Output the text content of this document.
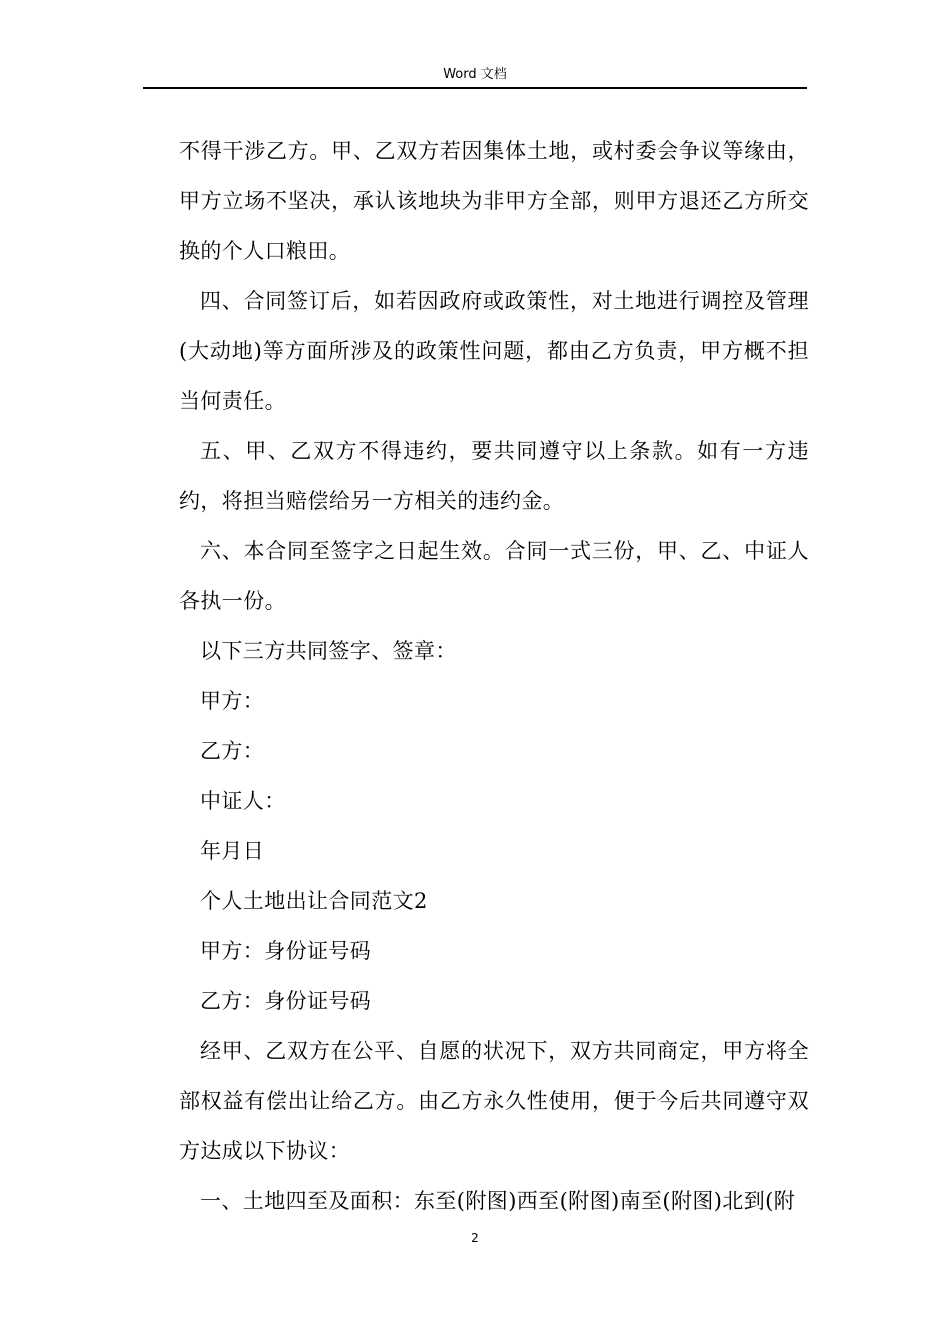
Word 文档

不得干涉乙方。甲、乙双方若因集体土地，或村委会争议等缘由，甲方立场不坚决，承认该地块为非甲方全部，则甲方退还乙方所交换的个人口粮田。

四、合同签订后，如若因政府或政策性，对土地进行调控及管理(大动地)等方面所涉及的政策性问题，都由乙方负责，甲方概不担当何责任。

五、甲、乙双方不得违约，要共同遵守以上条款。如有一方违约，将担当赔偿给另一方相关的违约金。

六、本合同至签字之日起生效。合同一式三份，甲、乙、中证人各执一份。

以下三方共同签字、签章：

甲方：

乙方：

中证人：

年月日

个人土地出让合同范文2

甲方：身份证号码

乙方：身份证号码

经甲、乙双方在公平、自愿的状况下，双方共同商定，甲方将全部权益有偿出让给乙方。由乙方永久性使用，便于今后共同遵守双方达成以下协议：

一、土地四至及面积：东至(附图)西至(附图)南至(附图)北到(附

2
